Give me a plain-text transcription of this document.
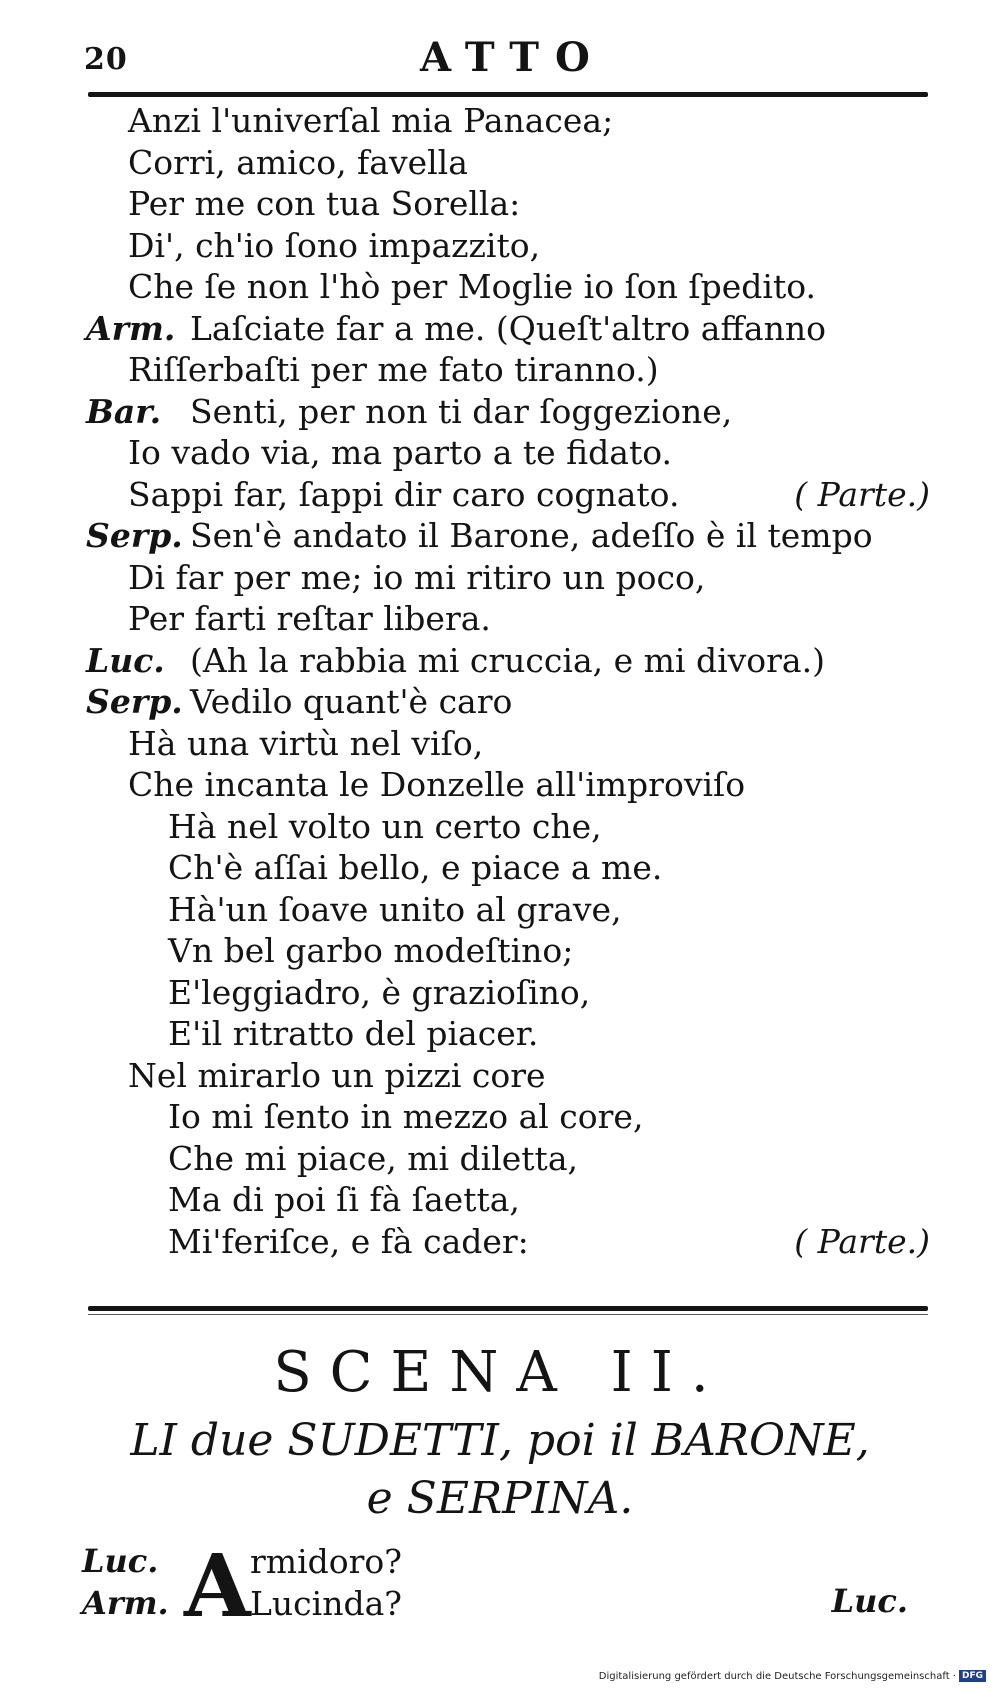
20	ATTO
Anzi l'univerſal mia Panacea;
Corri, amico, favella
Per me con tua Sorella:
Di', ch'io ſono impazzito,
Che ſe non l'hò per Moglie io ſon ſpedito.
Arm. Laſciate far a me. (Queſt'altro affanno
Riſſerbaſti per me fato tiranno.)
Bar. Senti, per non ti dar ſoggezione,
Io vado via, ma parto a te fidato.
Sappi far, ſappi dir caro cognato.	( Parte.)
Serp. Sen'è andato il Barone, adeſſo è il tempo
Di far per me; io mi ritiro un poco,
Per farti reſtar libera.
Luc. (Ah la rabbia mi cruccia, e mi divora.)
Serp. Vedilo quant'è caro
Hà una virtù nel viſo,
Che incanta le Donzelle all'improviſo
Hà nel volto un certo che,
Ch'è aſſai bello, e piace a me.
Hà'un ſoave unito al grave,
Vn bel garbo modeſtino;
E'leggiadro, è grazioſino,
E'il ritratto del piacer.
Nel mirarlo un pizzi core
Io mi ſento in mezzo al core,
Che mi piace, mi diletta,
Ma di poi ſi fà ſaetta,
Mi'feriſce, e fà cader:	( Parte.)
SCENA II.
LI due SUDETTI, poi il BARONE,
e SERPINA.
Luc. A rmidoro?
Arm. Lucinda?	Luc.
Digitalisierung gefördert durch die Deutsche Forschungsgemeinschaft · DFG
